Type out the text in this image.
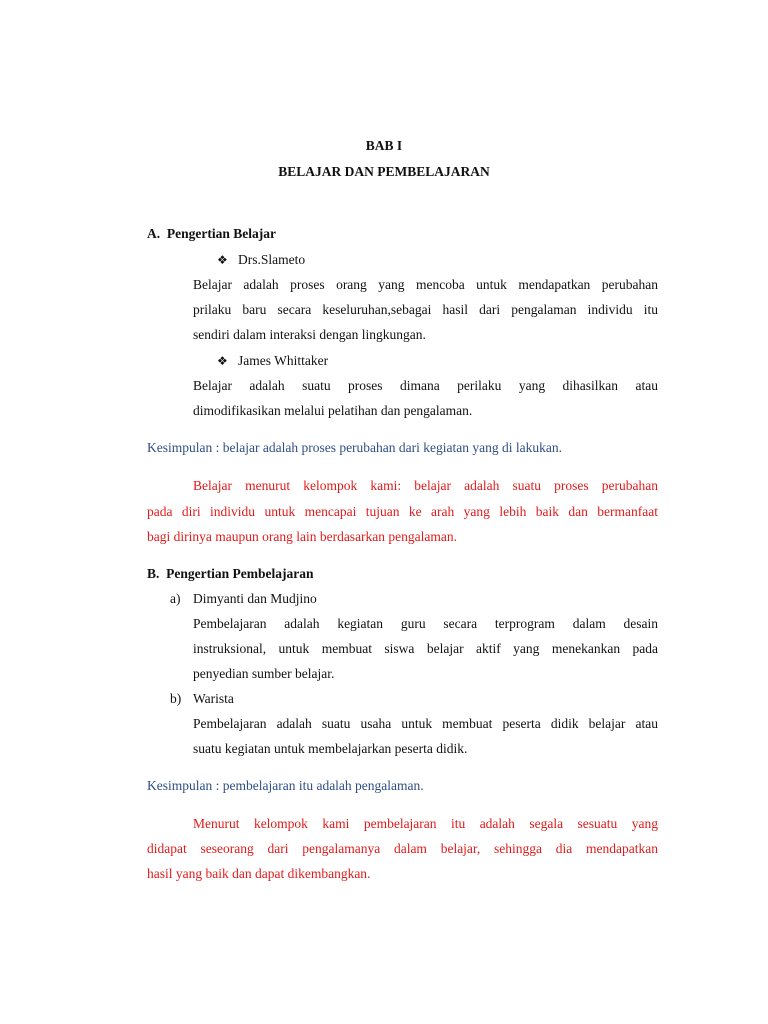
BAB I
BELAJAR DAN PEMBELAJARAN
A.  Pengertian Belajar
❖ Drs.Slameto
Belajar adalah proses orang yang mencoba untuk mendapatkan perubahan
prilaku baru secara keseluruhan,sebagai hasil dari pengalaman individu itu
sendiri dalam interaksi dengan lingkungan.
❖ James Whittaker
Belajar adalah suatu proses dimana perilaku yang dihasilkan atau
dimodifikasikan melalui pelatihan dan pengalaman.
Kesimpulan : belajar adalah proses perubahan dari kegiatan yang di lakukan.
Belajar menurut kelompok kami: belajar adalah suatu proses perubahan
pada diri individu untuk mencapai tujuan ke arah yang lebih baik dan bermanfaat
bagi dirinya maupun orang lain berdasarkan pengalaman.
B.  Pengertian Pembelajaran
a) Dimyanti dan Mudjino
Pembelajaran adalah kegiatan guru secara terprogram dalam desain
instruksional, untuk membuat siswa belajar aktif yang menekankan pada
penyedian sumber belajar.
b) Warista
Pembelajaran adalah suatu usaha untuk membuat peserta didik belajar atau
suatu kegiatan untuk membelajarkan peserta didik.
Kesimpulan : pembelajaran itu adalah pengalaman.
Menurut kelompok kami pembelajaran itu adalah segala sesuatu yang
didapat seseorang dari pengalamanya dalam belajar, sehingga dia mendapatkan
hasil yang baik dan dapat dikembangkan.
